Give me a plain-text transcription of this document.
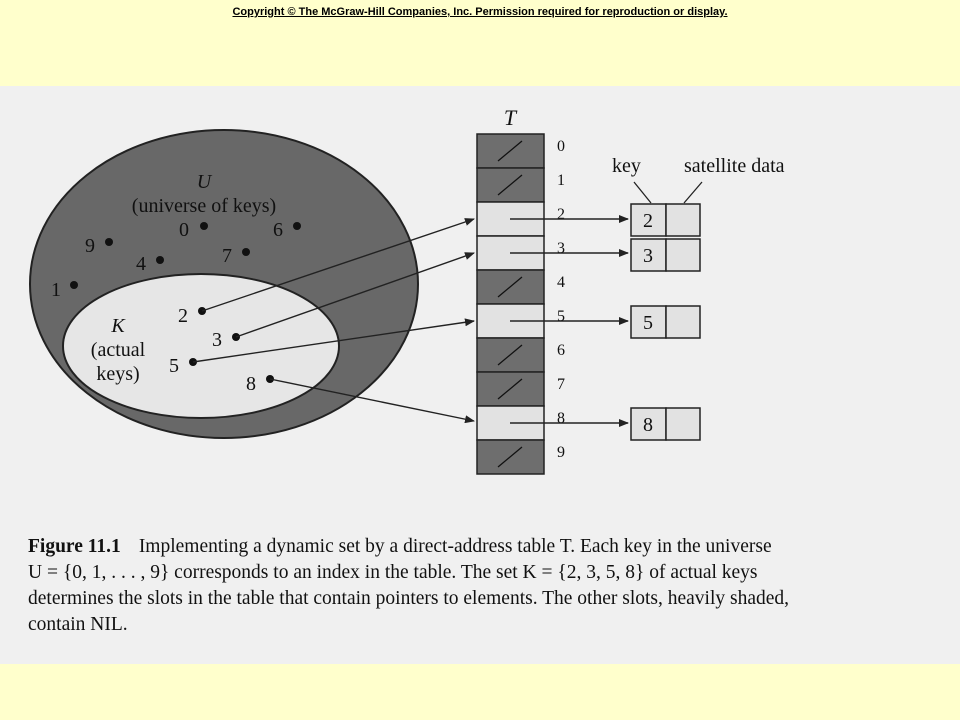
Copyright © The McGraw-Hill Companies, Inc. Permission required for reproduction or display.
U
(universe of keys)
0	6
9	7
4
1
K
(actual
keys)
2
3
5
8
T
0
1
2
3
4
5
6
7
8
9
key satellite data
2
3
5
8
Figure 11.1 Implementing a dynamic set by a direct-address table T. Each key in the universe
U = {0, 1, . . . , 9} corresponds to an index in the table. The set K = {2, 3, 5, 8} of actual keys
determines the slots in the table that contain pointers to elements. The other slots, heavily shaded,
contain NIL.
